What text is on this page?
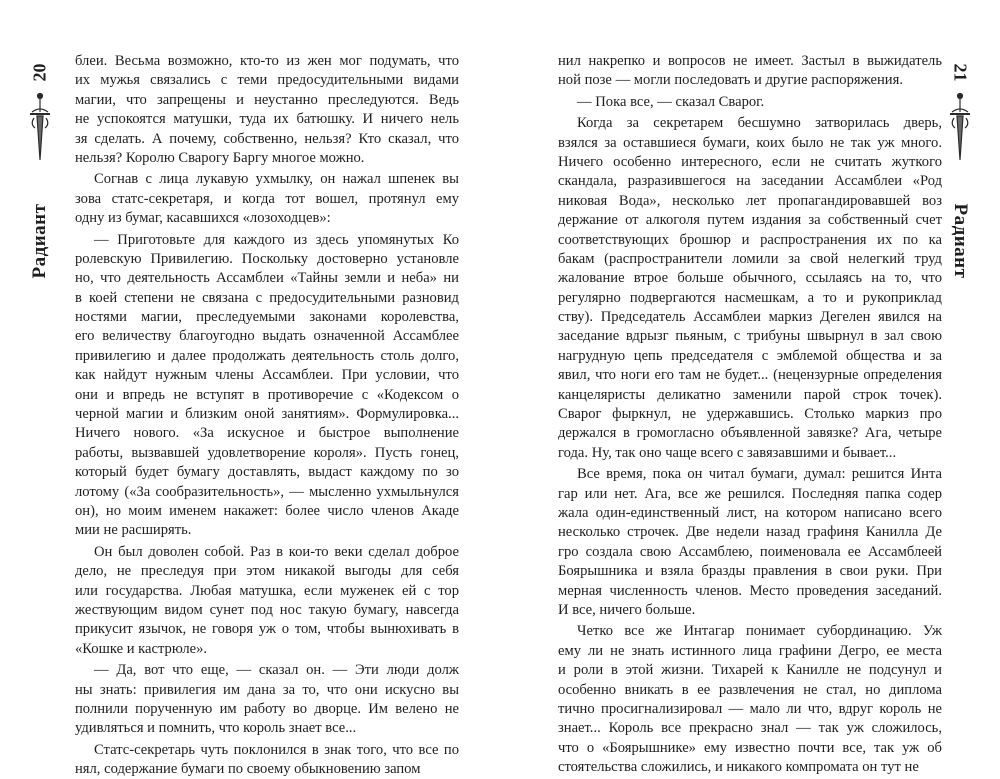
20
Радиант
блеи. Весьма возможно, кто-то из жен мог подумать, что
их мужья связались с теми предосудительными видами
магии, что запрещены и неустанно преследуются. Ведь
не успокоятся матушки, туда их батюшку. И ничего нель
зя сделать. А почему, собственно, нельзя? Кто сказал, что
нельзя? Королю Сварогу Баргу многое можно.
Согнав с лица лукавую ухмылку, он нажал шпенек вы
зова статс-секретаря, и когда тот вошел, протянул ему
одну из бумаг, касавшихся «лозоходцев»:
— Приготовьте для каждого из здесь упомянутых Ко
ролевскую Привилегию. Поскольку достоверно установле
но, что деятельность Ассамблеи «Тайны земли и неба» ни
в коей степени не связана с предосудительными разновид
ностями магии, преследуемыми законами королевства,
его величеству благоугодно выдать означенной Ассамблее
привилегию и далее продолжать деятельность столь долго,
как найдут нужным члены Ассамблеи. При условии, что
они и впредь не вступят в противоречие с «Кодексом о
черной магии и близким оной занятиям». Формулировка...
Ничего нового. «За искусное и быстрое выполнение
работы, вызвавшей удовлетворение короля». Пусть гонец,
который будет бумагу доставлять, выдаст каждому по зо
лотому («За сообразительность», — мысленно ухмыльнулся
он), но моим именем накажет: более число членов Акаде
мии не расширять.
Он был доволен собой. Раз в кои-то веки сделал доброе
дело, не преследуя при этом никакой выгоды для себя
или государства. Любая матушка, если муженек ей с тор
жествующим видом сунет под нос такую бумагу, навсегда
прикусит язычок, не говоря уж о том, чтобы вынюхивать в
«Кошке и кастрюле».
— Да, вот что еще, — сказал он. — Эти люди долж
ны знать: привилегия им дана за то, что они искусно вы
полнили порученную им работу во дворце. Им велено не
удивляться и помнить, что король знает все...
Статс-секретарь чуть поклонился в знак того, что все по
нял, содержание бумаги по своему обыкновению запом
21
Радиант
нил накрепко и вопросов не имеет. Застыл в выжидатель
ной позе — могли последовать и другие распоряжения.
— Пока все, — сказал Сварог.
Когда за секретарем бесшумно затворилась дверь,
взялся за оставшиеся бумаги, коих было не так уж много.
Ничего особенно интересного, если не считать жуткого
скандала, разразившегося на заседании Ассамблеи «Род
никовая Вода», несколько лет пропагандировавшей воз
держание от алкоголя путем издания за собственный счет
соответствующих брошюр и распространения их по ка
бакам (распространители ломили за свой нелегкий труд
жалование втрое больше обычного, ссылаясь на то, что
регулярно подвергаются насмешкам, а то и рукоприклад
ству). Председатель Ассамблеи маркиз Дегелен явился на
заседание вдрызг пьяным, с трибуны швырнул в зал свою
нагрудную цепь председателя с эмблемой общества и за
явил, что ноги его там не будет... (нецензурные определения
канцеляристы деликатно заменили парой строк точек).
Сварог фыркнул, не удержавшись. Столько маркиз про
держался в громогласно объявленной завязке? Ага, четыре
года. Ну, так оно чаще всего с завязавшими и бывает...
Все время, пока он читал бумаги, думал: решится Инта
гар или нет. Ага, все же решился. Последняя папка содер
жала один-единственный лист, на котором написано всего
несколько строчек. Две недели назад графиня Канилла Де
гро создала свою Ассамблею, поименовала ее Ассамблеей
Боярышника и взяла бразды правления в свои руки. При
мерная численность членов. Место проведения заседаний.
И все, ничего больше.
Четко все же Интагар понимает субординацию. Уж
ему ли не знать истинного лица графини Дегро, ее места
и роли в этой жизни. Тихарей к Канилле не подсунул и
особенно вникать в ее развлечения не стал, но диплома
тично просигнализировал — мало ли что, вдруг король не
знает... Король все прекрасно знал — так уж сложилось,
что о «Боярышнике» ему известно почти все, так уж об
стоятельства сложились, и никакого компромата он тут не
